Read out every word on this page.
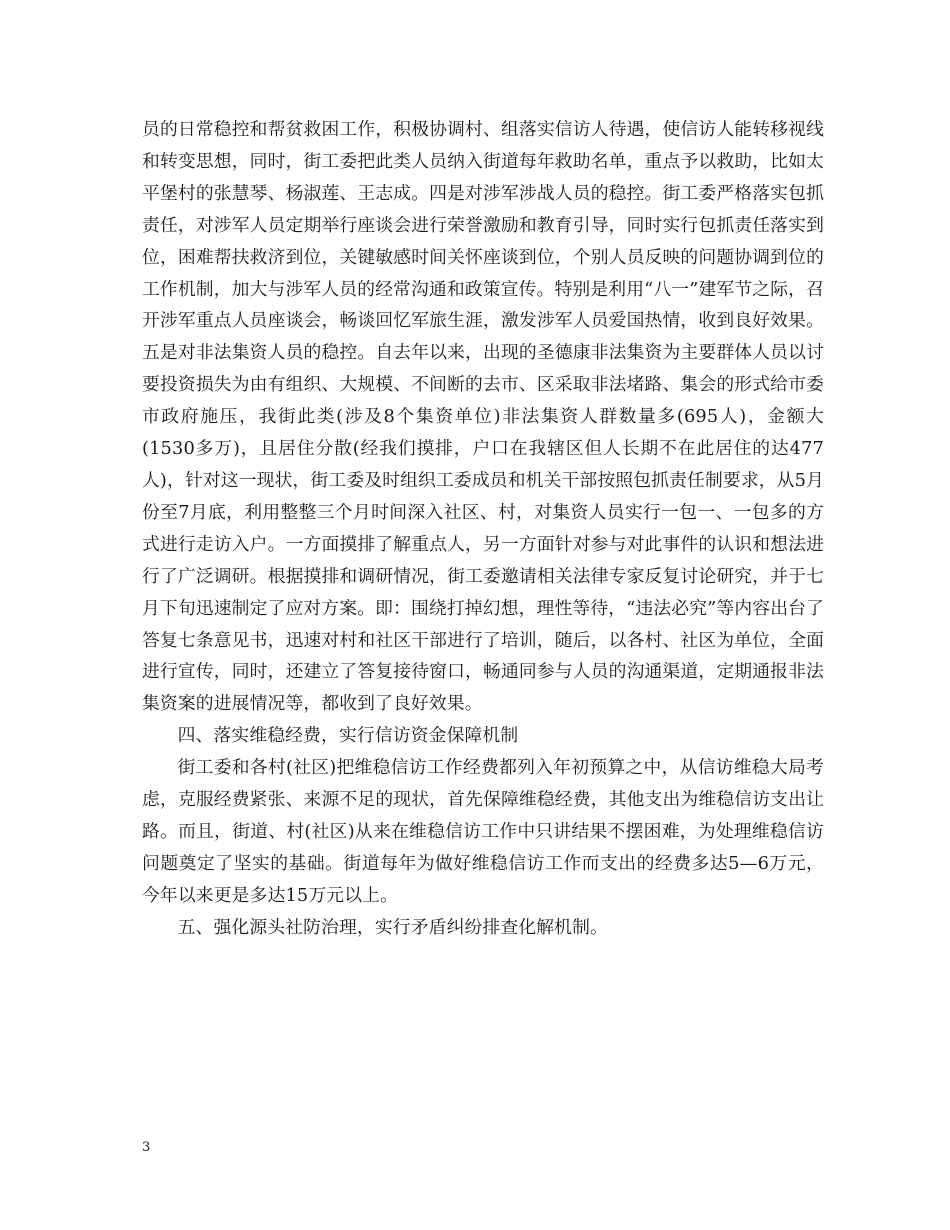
员的日常稳控和帮贫救困工作，积极协调村、组落实信访人待遇，使信访人能转移视线和转变思想，同时，街工委把此类人员纳入街道每年救助名单，重点予以救助，比如太平堡村的张慧琴、杨淑莲、王志成。四是对涉军涉战人员的稳控。街工委严格落实包抓责任，对涉军人员定期举行座谈会进行荣誉激励和教育引导，同时实行包抓责任落实到位，困难帮扶救济到位，关键敏感时间关怀座谈到位，个别人员反映的问题协调到位的工作机制，加大与涉军人员的经常沟通和政策宣传。特别是利用“八一”建军节之际，召开涉军重点人员座谈会，畅谈回忆军旅生涯，激发涉军人员爱国热情，收到良好效果。五是对非法集资人员的稳控。自去年以来，出现的圣德康非法集资为主要群体人员以讨要投资损失为由有组织、大规模、不间断的去市、区采取非法堵路、集会的形式给市委市政府施压，我街此类(涉及8个集资单位)非法集资人群数量多(695人)，金额大(1530多万)，且居住分散(经我们摸排，户口在我辖区但人长期不在此居住的达477人)，针对这一现状，街工委及时组织工委成员和机关干部按照包抓责任制要求，从5月份至7月底，利用整整三个月时间深入社区、村，对集资人员实行一包一、一包多的方式进行走访入户。一方面摸排了解重点人，另一方面针对参与对此事件的认识和想法进行了广泛调研。根据摸排和调研情况，街工委邀请相关法律专家反复讨论研究，并于七月下旬迅速制定了应对方案。即：围绕打掉幻想，理性等待，“违法必究”等内容出台了答复七条意见书，迅速对村和社区干部进行了培训，随后，以各村、社区为单位，全面进行宣传，同时，还建立了答复接待窗口，畅通同参与人员的沟通渠道，定期通报非法集资案的进展情况等，都收到了良好效果。

四、落实维稳经费，实行信访资金保障机制

街工委和各村(社区)把维稳信访工作经费都列入年初预算之中，从信访维稳大局考虑，克服经费紧张、来源不足的现状，首先保障维稳经费，其他支出为维稳信访支出让路。而且，街道、村(社区)从来在维稳信访工作中只讲结果不摆困难，为处理维稳信访问题奠定了坚实的基础。街道每年为做好维稳信访工作而支出的经费多达5—6万元，今年以来更是多达15万元以上。

五、强化源头社防治理，实行矛盾纠纷排查化解机制。

3
